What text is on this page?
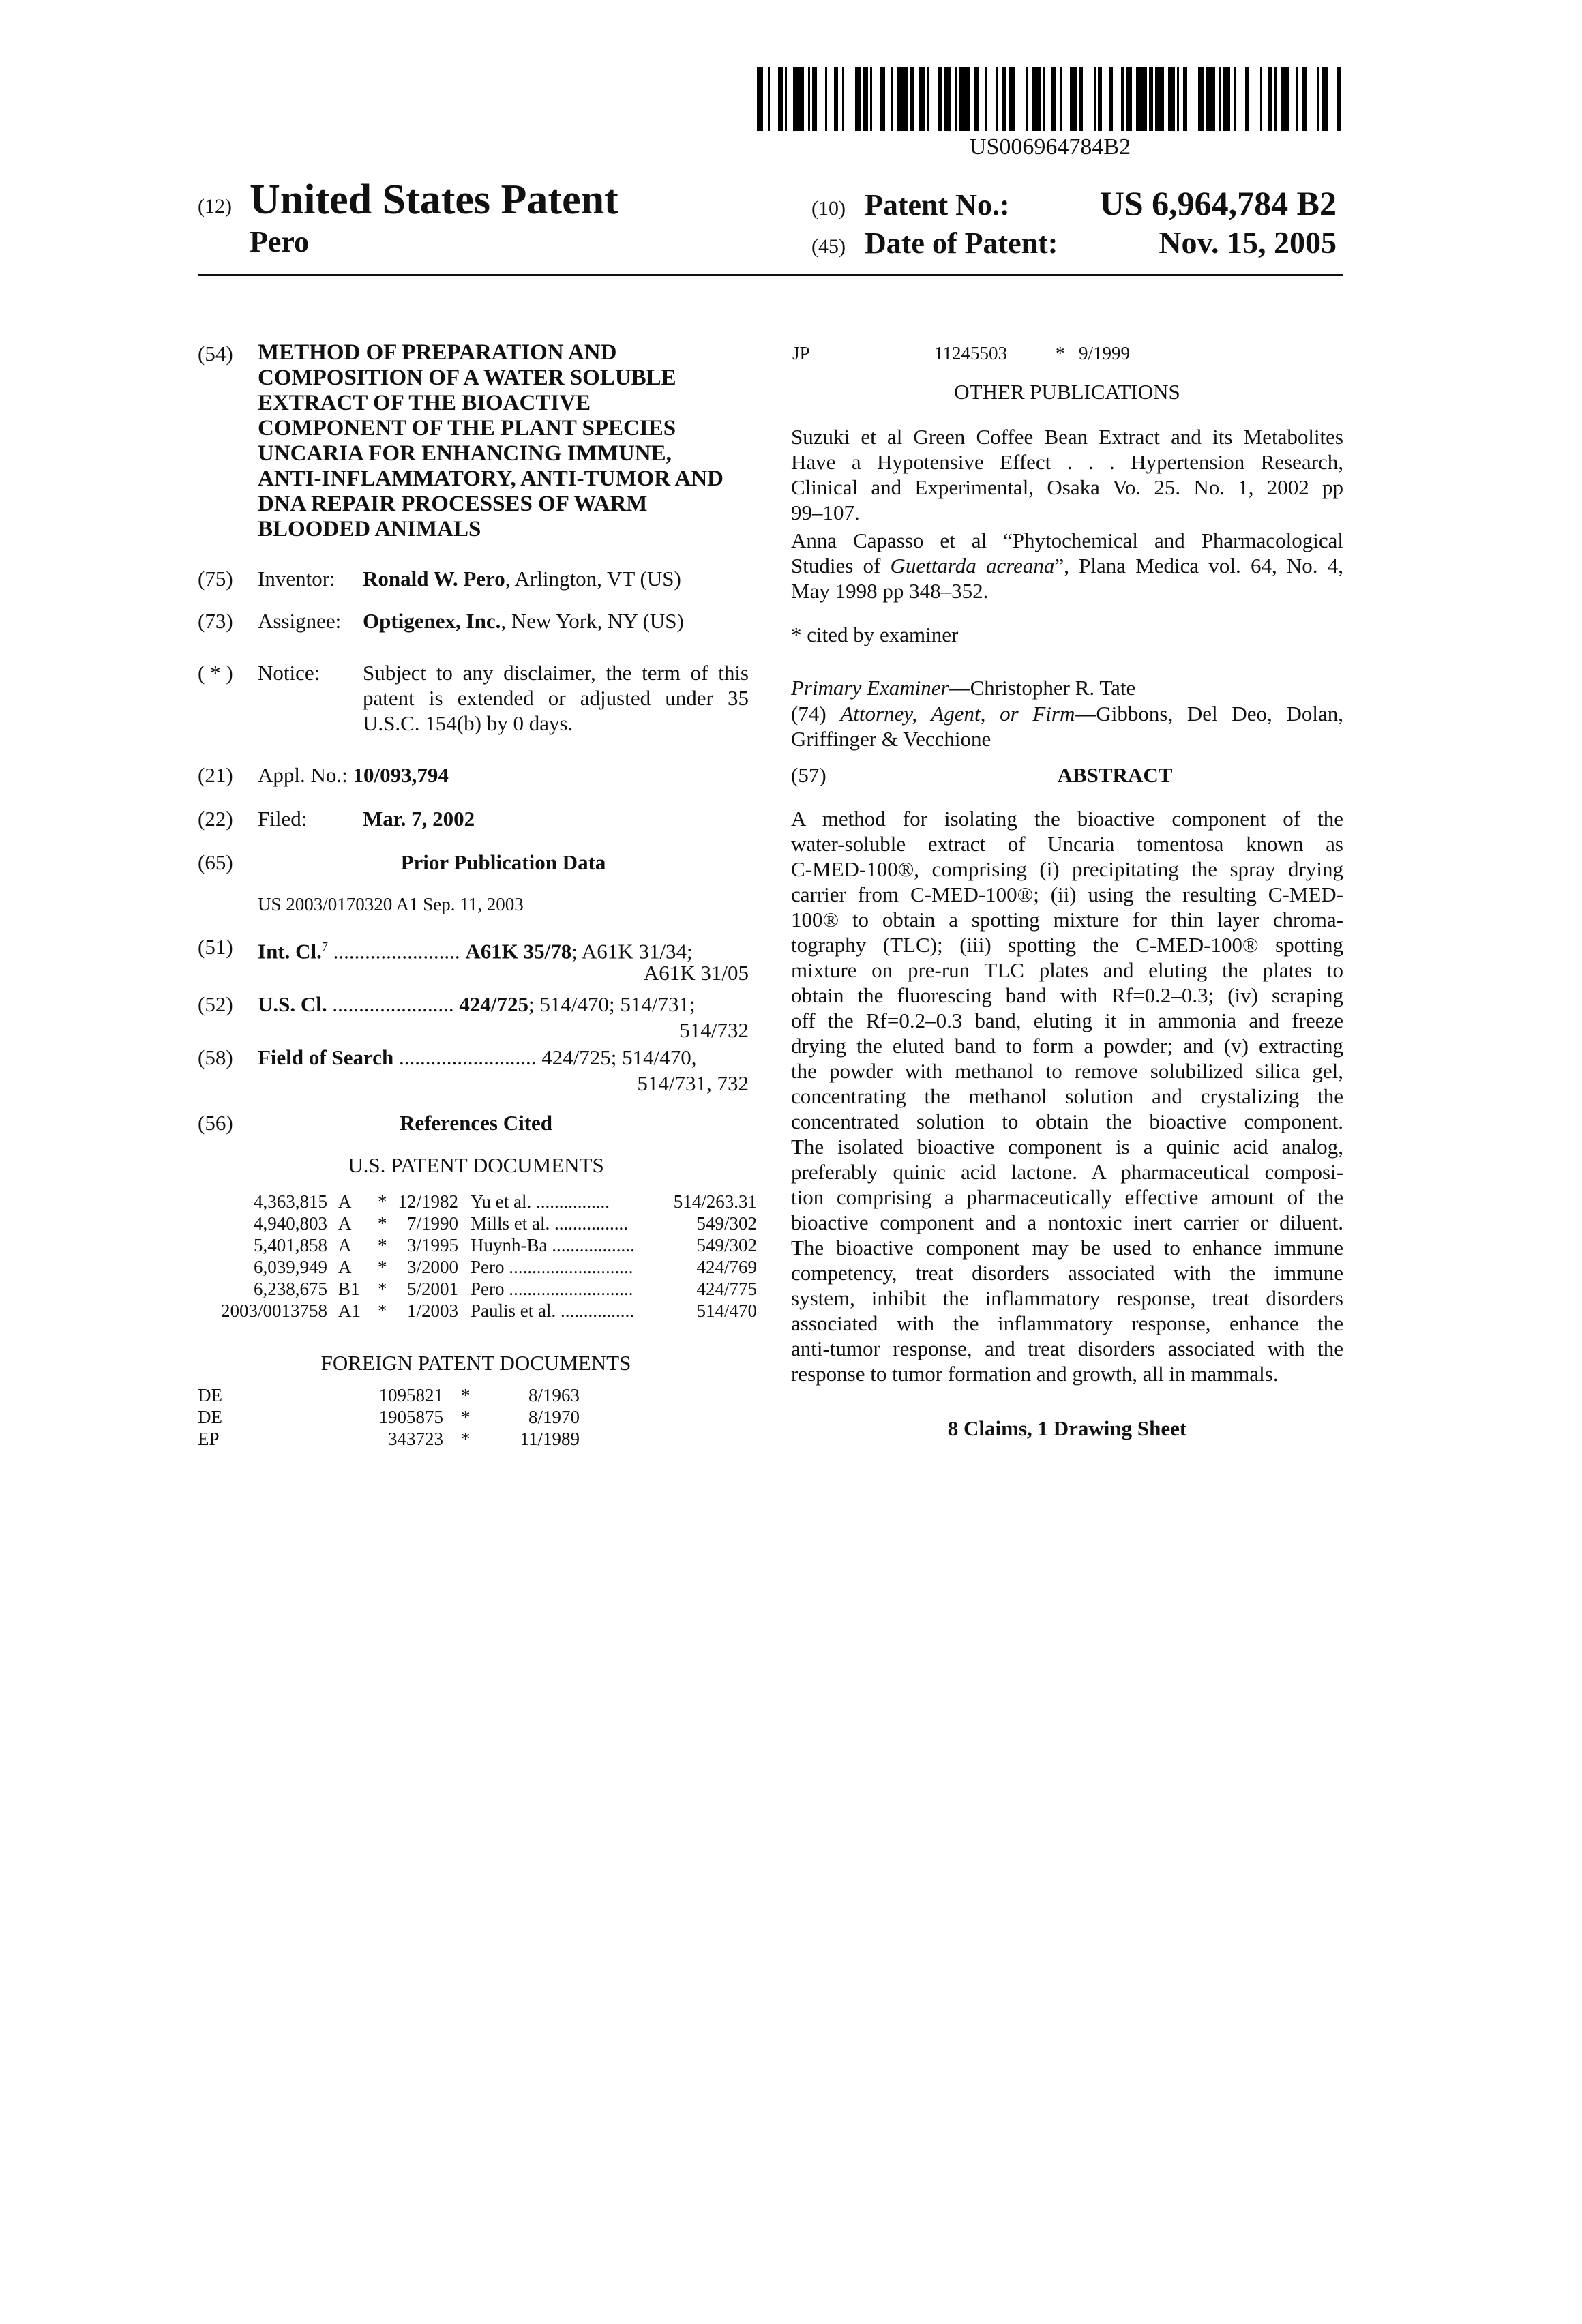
US006964784B2
(12) United States Patent
Pero
(10) Patent No.:	US 6,964,784 B2
(45) Date of Patent:	Nov. 15, 2005
(54) METHOD OF PREPARATION AND
COMPOSITION OF A WATER SOLUBLE
EXTRACT OF THE BIOACTIVE
COMPONENT OF THE PLANT SPECIES
UNCARIA FOR ENHANCING IMMUNE,
ANTI-INFLAMMATORY, ANTI-TUMOR AND
DNA REPAIR PROCESSES OF WARM
BLOODED ANIMALS
(75) Inventor: Ronald W. Pero, Arlington, VT (US)
(73) Assignee: Optigenex, Inc., New York, NY (US)
( * ) Notice: Subject to any disclaimer, the term of this
patent is extended or adjusted under 35
U.S.C. 154(b) by 0 days.
(21) Appl. No.: 10/093,794
(22) Filed:	Mar. 7, 2002
(65)	Prior Publication Data
US 2003/0170320 A1 Sep. 11, 2003
(51) Int. Cl.$^7$ ........................ A61K 35/78; A61K 31/34;
A61K 31/05
(52) U.S. Cl. ....................... 424/725; 514/470; 514/731;
514/732
(58) Field of Search .......................... 424/725; 514/470,
514/731, 732
(56)	References Cited
U.S. PATENT DOCUMENTS
4,363,815 A	* 12/1982 Yu et al. ................	514/263.31
4,940,803 A	*	7/1990 Mills et al. ................	549/302
5,401,858 A	*	3/1995 Huynh-Ba ..................	549/302
6,039,949 A	*	3/2000 Pero ...........................	424/769
6,238,675 B1 *	5/2001 Pero ...........................	424/775
2003/0013758 A1 *	1/2003 Paulis et al. ................	514/470
FOREIGN PATENT DOCUMENTS
DE	1095821 *	8/1963
DE	1905875 *	8/1970
EP	343723 *	11/1989
JP	11245503	* 9/1999
OTHER PUBLICATIONS
Suzuki et al Green Coffee Bean Extract and its Metabolites
Have a Hypotensive Effect . . . Hypertension Research,
Clinical and Experimental, Osaka Vo. 25. No. 1, 2002 pp
99–107.
Anna Capasso et al “Phytochemical and Pharmacological
Studies of Guettarda acreana”, Plana Medica vol. 64, No. 4,
May 1998 pp 348–352.
* cited by examiner
Primary Examiner—Christopher R. Tate
(74) Attorney, Agent, or Firm—Gibbons, Del Deo, Dolan,
Griffinger & Vecchione
(57)	ABSTRACT
A method for isolating the bioactive component of the
water-soluble extract of Uncaria tomentosa known as
C-MED-100®, comprising (i) precipitating the spray drying
carrier from C-MED-100®; (ii) using the resulting C-MED-
100® to obtain a spotting mixture for thin layer chroma-
tography (TLC); (iii) spotting the C-MED-100® spotting
mixture on pre-run TLC plates and eluting the plates to
obtain the fluorescing band with Rf=0.2–0.3; (iv) scraping
off the Rf=0.2–0.3 band, eluting it in ammonia and freeze
drying the eluted band to form a powder; and (v) extracting
the powder with methanol to remove solubilized silica gel,
concentrating the methanol solution and crystalizing the
concentrated solution to obtain the bioactive component.
The isolated bioactive component is a quinic acid analog,
preferably quinic acid lactone. A pharmaceutical composi-
tion comprising a pharmaceutically effective amount of the
bioactive component and a nontoxic inert carrier or diluent.
The bioactive component may be used to enhance immune
competency, treat disorders associated with the immune
system, inhibit the inflammatory response, treat disorders
associated with the inflammatory response, enhance the
anti-tumor response, and treat disorders associated with the
response to tumor formation and growth, all in mammals.
8 Claims, 1 Drawing Sheet
